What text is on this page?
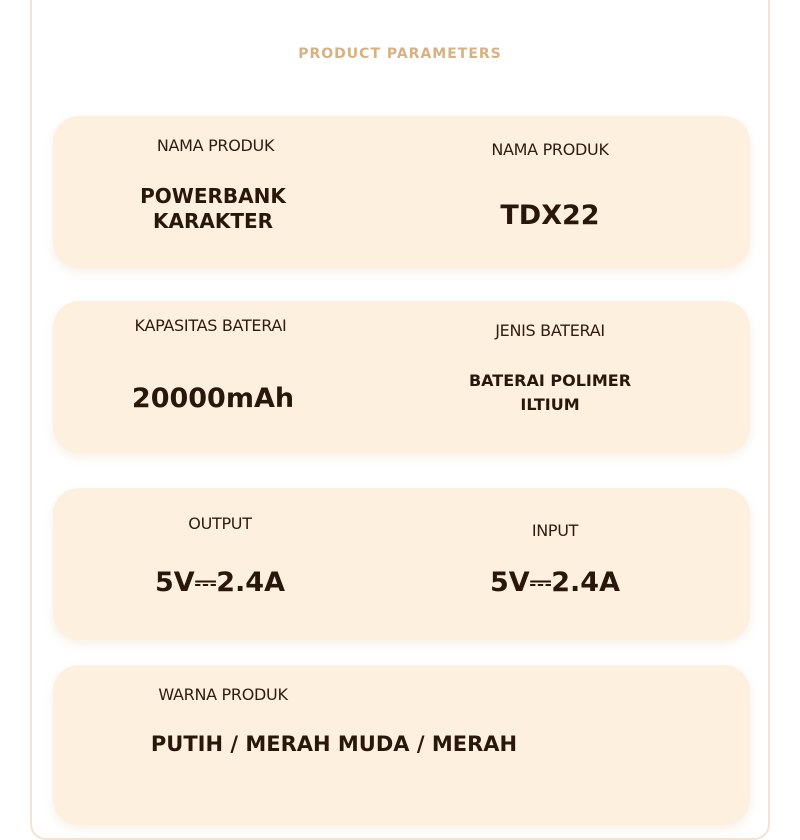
PRODUCT PARAMETERS
NAMA PRODUK
POWERBANK
KARAKTER
NAMA PRODUK
TDX22
KAPASITAS BATERAI
20000mAh
JENIS BATERAI
BATERAI POLIMER
ILTIUM
OUTPUT
5V⎓2.4A
INPUT
5V⎓2.4A
WARNA PRODUK
PUTIH / MERAH MUDA / MERAH
